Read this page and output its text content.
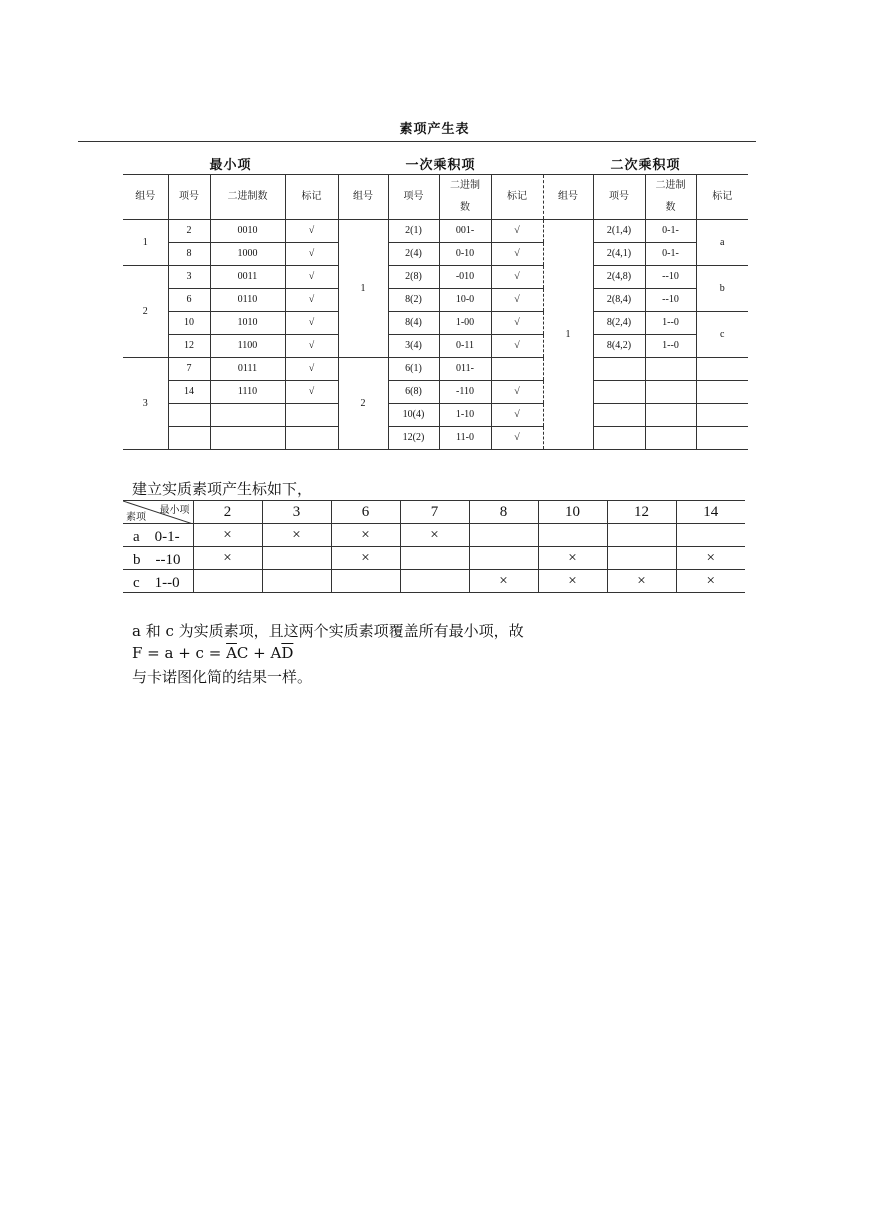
素项产生表
最小项	一次乘积项	二次乘积项
组号	项号	二进制数	标记	组号	项号	二进制
数	标记	组号	项号	二进制
数	标记
1	2	0010	√	1	2(1)	001-	√	1	2(1,4)	0-1-	a
	8	1000	√		2(4)	0-10	√		2(4,1)	0-1-	
2	3	0011	√		2(8)	-010	√		2(4,8)	--10	b
	6	0110	√		8(2)	10-0	√		2(8,4)	--10	
	10	1010	√		8(4)	1-00	√		8(2,4)	1--0	c
	12	1100	√		3(4)	0-11	√		8(4,2)	1--0	
3	7	0111	√	2	6(1)	011-					
	14	1110	√		6(8)	-110	√				
					10(4)	1-10	√				
					12(2)	11-0	√				
建立实质素项产生标如下，
最小项
素项	2	3	6	7	8	10	12	14
a　0-1-	×	×	×	×				
b　--10	×		×			×		×
c　1--0					×	×	×	×
a 和 c 为实质素项，且这两个实质素项覆盖所有最小项，故
$F = a + c = \overline{A}C + A\overline{D}$
与卡诺图化简的结果一样。
